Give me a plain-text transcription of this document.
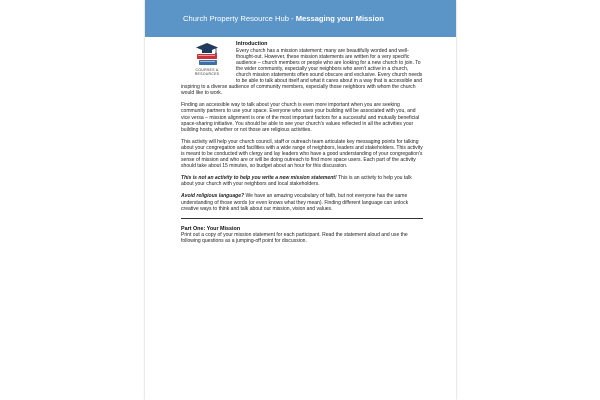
Church Property Resource Hub -
Messaging your Mission
COURSES &
RESOURCES
Introduction

Every church has a mission statement; many are beautifully worded and well-thought-out. However, these mission statements are written for a very specific audience – church members or people who are looking for a new church to join. To the wider community, especially your neighbors who aren't active in a church, church mission statements often sound obscure and exclusive. Every church needs to be able to talk about itself and what it cares about in a way that is accessible and inspiring to a diverse audience of community members, especially those neighbors with whom the church would like to work.

Finding an accessible way to talk about your church is even more important when you are seeking community partners to use your space. Everyone who uses your building will be associated with you, and vice versa – mission alignment is one of the most important factors for a successful and mutually beneficial space-sharing initiative. You should be able to see your church's values reflected in all the activities your building hosts, whether or not those are religious activities.

This activity will help your church council, staff or outreach team articulate key messaging points for talking about your congregation and facilities with a wide range of neighbors, leaders and stakeholders. This activity is meant to be conducted with clergy and lay leaders who have a good understanding of your congregation's sense of mission and who are or will be doing outreach to find more space users. Each part of the activity should take about 15 minutes, so budget about an hour for this discussion.

This is not an activity to help you write a new mission statement! This is an activity to help you talk about your church with your neighbors and local stakeholders.

Avoid religious language? We have an amazing vocabulary of faith, but not everyone has the same understanding of those words (or even knows what they mean). Finding different language can unlock creative ways to think and talk about our mission, vision and values.

Part One: Your Mission

Print out a copy of your mission statement for each participant. Read the statement aloud and use the following questions as a jumping-off point for discussion.
